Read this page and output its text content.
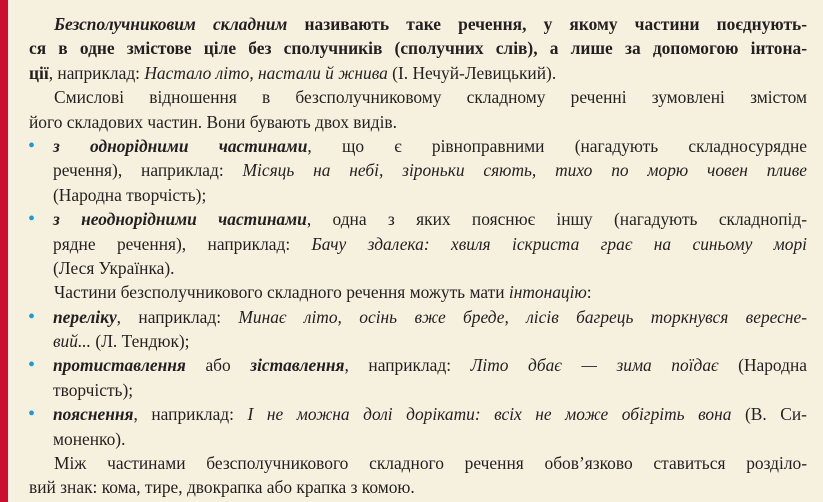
Безсполучниковим складним називають таке речення, у якому частини поєднують-
ся в одне змістове ціле без сполучників (сполучних слів), а лише за допомогою інтона-
ції, наприклад: Настало літо, настали й жнива (І. Нечуй-Левицький).
Смислові відношення в безсполучниковому складному реченні зумовлені змістом
його складових частин. Вони бувають двох видів.
• з однорідними частинами, що є рівноправними (нагадують складносурядне
речення), наприклад: Місяць на небі, зіроньки сяють, тихо по морю човен пливе
(Народна творчість);
• з неоднорідними частинами, одна з яких пояснює іншу (нагадують складнопід-
рядне речення), наприклад: Бачу здалека: хвиля іскриста грає на синьому морі
(Леся Українка).
Частини безсполучникового складного речення можуть мати інтонацію:
• переліку, наприклад: Минає літо, осінь вже бреде, лісів багрець торкнувся вересне-
вий... (Л. Тендюк);
• протиставлення або зіставлення, наприклад: Літо дбає — зима поїдає (Народна
творчість);
• пояснення, наприклад: І не можна долі дорікати: всіх не може обігріть вона (В. Си-
моненко).
Між частинами безсполучникового складного речення обов’язково ставиться розділо-
вий знак: кома, тире, двокрапка або крапка з комою.
